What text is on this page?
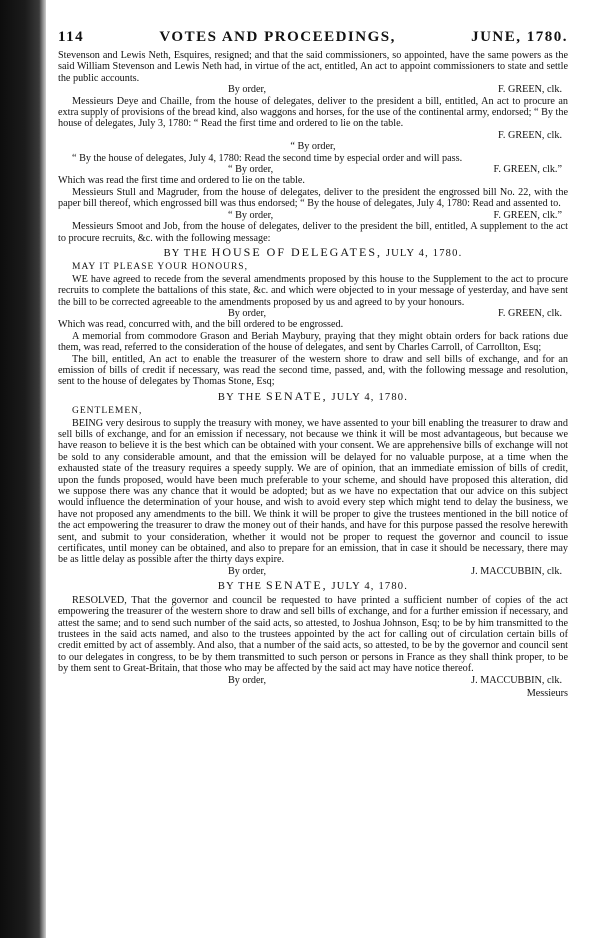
114	VOTES AND PROCEEDINGS,	JUNE, 1780.

Stevenson and Lewis Neth, Esquires, resigned; and that the said commissioners, so appointed, have the same powers as the said William Stevenson and Lewis Neth had, in virtue of the act, entitled, An act to appoint commissioners to state and settle the public accounts.

By order,	F. GREEN, clk.

Messieurs Deye and Chaille, from the house of delegates, deliver to the president a bill, entitled, An act to procure an extra supply of provisions of the bread kind, also waggons and horses, for the use of the continental army, endorsed; “ By the house of delegates, July 3, 1780: “ Read the first time and ordered to lie on the table.

F. GREEN, clk.
“ By order,

“ By the house of delegates, July 4, 1780: Read the second time by especial order and will pass.

“ By order,	F. GREEN, clk.”

Which was read the first time and ordered to lie on the table.

Messieurs Stull and Magruder, from the house of delegates, deliver to the president the engrossed bill No. 22, with the paper bill thereof, which engrossed bill was thus endorsed; “ By the house of delegates, July 4, 1780: Read and assented to.

“ By order,	F. GREEN, clk.”

Messieurs Smoot and Job, from the house of delegates, deliver to the president the bill, entitled, A supplement to the act to procure recruits, &c. with the following message:

BY THE HOUSE OF DELEGATES, JULY 4, 1780.
MAY IT PLEASE YOUR HONOURS,

WE have agreed to recede from the several amendments proposed by this house to the Supplement to the act to procure recruits to complete the battalions of this state, &c. and which were objected to in your message of yesterday, and have sent the bill to be corrected agreeable to the amendments proposed by us and agreed to by your honours.

By order,	F. GREEN, clk.

Which was read, concurred with, and the bill ordered to be engrossed.

A memorial from commodore Grason and Beriah Maybury, praying that they might obtain orders for back rations due them, was read, referred to the consideration of the house of delegates, and sent by Charles Carroll, of Carrollton, Esq;

The bill, entitled, An act to enable the treasurer of the western shore to draw and sell bills of exchange, and for an emission of bills of credit if necessary, was read the second time, passed, and, with the following message and resolution, sent to the house of delegates by Thomas Stone, Esq;

BY THE SENATE, JULY 4, 1780.
GENTLEMEN,

BEING very desirous to supply the treasury with money, we have assented to your bill enabling the treasurer to draw and sell bills of exchange, and for an emission if necessary, not because we think it will be most advantageous, but because we have reason to believe it is the best which can be obtained with your consent. We are apprehensive bills of exchange will not be sold to any considerable amount, and that the emission will be delayed for no valuable purpose, at a time when the exhausted state of the treasury requires a speedy supply. We are of opinion, that an immediate emission of bills of credit, upon the funds proposed, would have been much preferable to your scheme, and should have proposed this alteration, did we suppose there was any chance that it would be adopted; but as we have no expectation that our advice on this subject would influence the determination of your house, and wish to avoid every step which might tend to delay the business, we have not proposed any amendments to the bill. We think it will be proper to give the trustees mentioned in the bill notice of the act empowering the treasurer to draw the money out of their hands, and have for this purpose passed the resolve herewith sent, and submit to your consideration, whether it would not be proper to request the governor and council to issue certificates, until money can be obtained, and also to prepare for an emission, that in case it should be necessary, there may be as little delay as possible after the thirty days expire.

By order,	J. MACCUBBIN, clk.
BY THE SENATE, JULY 4, 1780.

RESOLVED, That the governor and council be requested to have printed a sufficient number of copies of the act empowering the treasurer of the western shore to draw and sell bills of exchange, and for a further emission if necessary, and attest the same; and to send such number of the said acts, so attested, to Joshua Johnson, Esq; to be by him transmitted to the trustees in the said acts named, and also to the trustees appointed by the act for calling out of circulation certain bills of credit emitted by act of assembly. And also, that a number of the said acts, so attested, to be by the governor and council sent to our delegates in congress, to be by them transmitted to such person or persons in France as they shall think proper, to be by them sent to Great-Britain, that those who may be affected by the said act may have notice thereof.

By order,	J. MACCUBBIN, clk.
Messieurs
